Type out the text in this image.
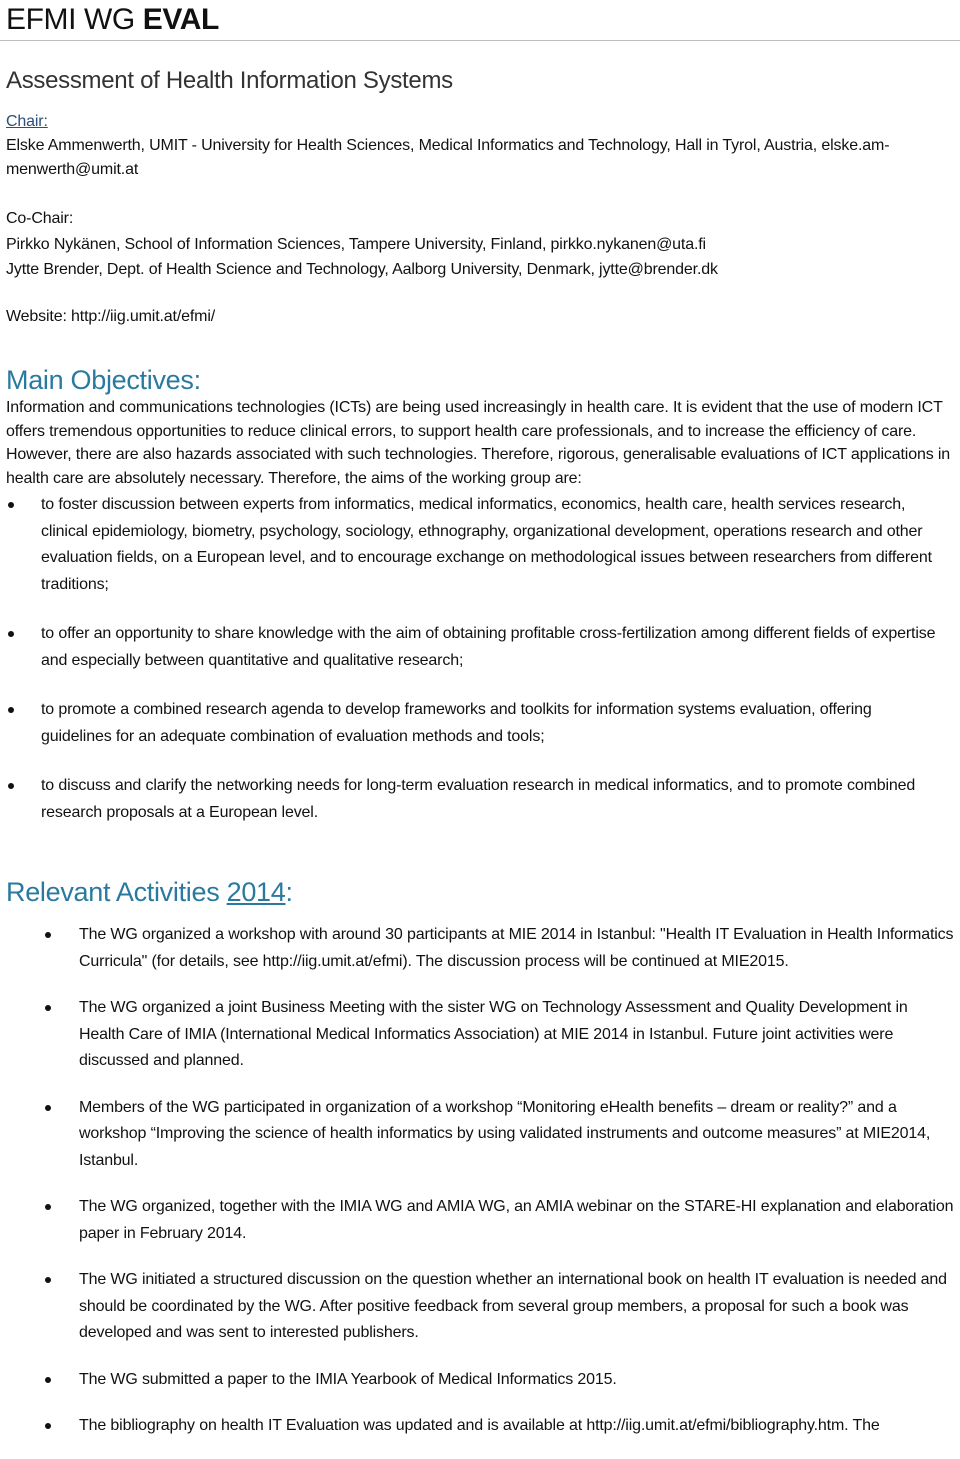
EFMI WG EVAL
Assessment of Health Information Systems
Chair:
Elske Ammenwerth, UMIT - University for Health Sciences, Medical Informatics and Technology, Hall in Tyrol, Austria, elske.am-
menwerth@umit.at
Co-Chair:
Pirkko Nykänen, School of Information Sciences, Tampere University, Finland, pirkko.nykanen@uta.fi
Jytte Brender, Dept. of Health Science and Technology, Aalborg University, Denmark, jytte@brender.dk
Website: http://iig.umit.at/efmi/
Main Objectives:
Information and communications technologies (ICTs) are being used increasingly in health care. It is evident that the use of modern ICT offers tremendous opportunities to reduce clinical errors, to support health care professionals, and to increase the efficiency of care. However, there are also hazards associated with such technologies. Therefore, rigorous, generalisable evaluations of ICT applications in health care are absolutely necessary. Therefore, the aims of the working group are:
to foster discussion between experts from informatics, medical informatics, economics, health care, health services research, clinical epidemiology, biometry, psychology, sociology, ethnography, organizational development, operations research and other evaluation fields, on a European level, and to encourage exchange on methodological issues between researchers from different traditions;
to offer an opportunity to share knowledge with the aim of obtaining profitable cross-fertilization among different fields of expertise and especially between quantitative and qualitative research;
to promote a combined research agenda to develop frameworks and toolkits for information systems evaluation, offering guidelines for an adequate combination of evaluation methods and tools;
to discuss and clarify the networking needs for long-term evaluation research in medical informatics, and to promote combined research proposals at a European level.
Relevant Activities 2014:
The WG organized a workshop with around 30 participants at MIE 2014 in Istanbul: "Health IT Evaluation in Health Informatics Curricula" (for details, see http://iig.umit.at/efmi). The discussion process will be continued at MIE2015.
The WG organized a joint Business Meeting with the sister WG on Technology Assessment and Quality Development in Health Care of IMIA (International Medical Informatics Association) at MIE 2014 in Istanbul. Future joint activities were discussed and planned.
Members of the WG participated in organization of a workshop “Monitoring eHealth benefits – dream or reality?” and a workshop “Improving the science of health informatics by using validated instruments and outcome measures” at MIE2014, Istanbul.
The WG organized, together with the IMIA WG and AMIA WG, an AMIA webinar on the STARE-HI explanation and elaboration paper in February 2014.
The WG initiated a structured discussion on the question whether an international book on health IT evaluation is needed and should be coordinated by the WG. After positive feedback from several group members, a proposal for such a book was developed and was sent to interested publishers.
The WG submitted a paper to the IMIA Yearbook of Medical Informatics 2015.
The bibliography on health IT Evaluation was updated and is available at http://iig.umit.at/efmi/bibliography.htm. The
